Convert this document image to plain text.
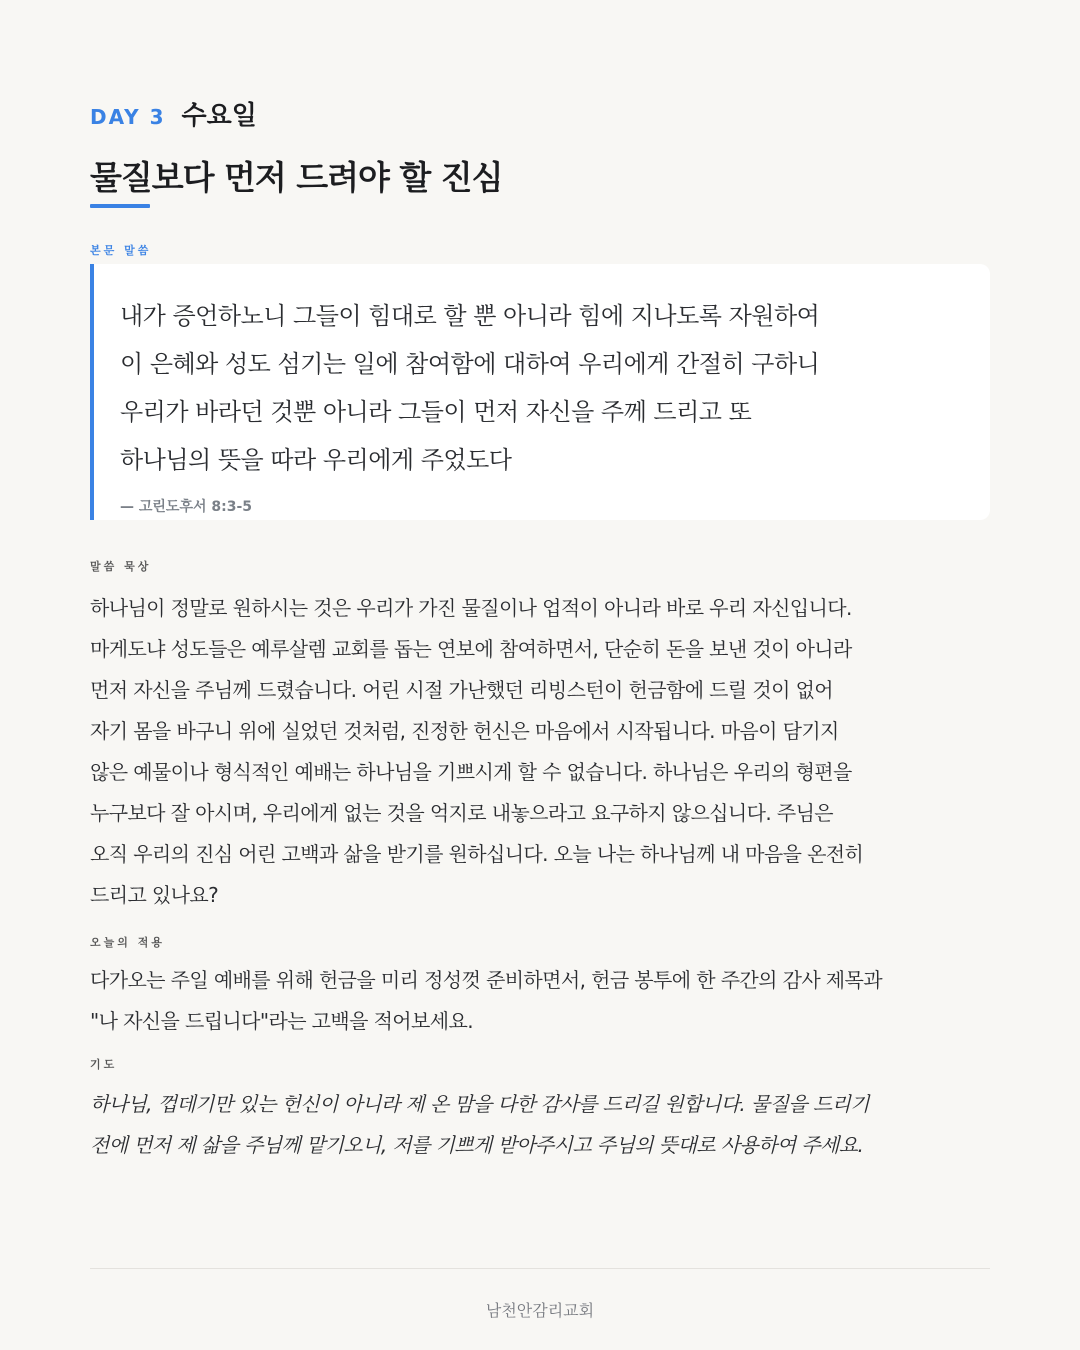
DAY 3 수요일
물질보다 먼저 드려야 할 진심
본문 말씀

내가 증언하노니 그들이 힘대로 할 뿐 아니라 힘에 지나도록 자원하여
이 은혜와 성도 섬기는 일에 참여함에 대하여 우리에게 간절히 구하니
우리가 바라던 것뿐 아니라 그들이 먼저 자신을 주께 드리고 또
하나님의 뜻을 따라 우리에게 주었도다

— 고린도후서 8:3-5

말씀 묵상

하나님이 정말로 원하시는 것은 우리가 가진 물질이나 업적이 아니라 바로 우리 자신입니다.
마게도냐 성도들은 예루살렘 교회를 돕는 연보에 참여하면서, 단순히 돈을 보낸 것이 아니라
먼저 자신을 주님께 드렸습니다. 어린 시절 가난했던 리빙스턴이 헌금함에 드릴 것이 없어
자기 몸을 바구니 위에 실었던 것처럼, 진정한 헌신은 마음에서 시작됩니다. 마음이 담기지
않은 예물이나 형식적인 예배는 하나님을 기쁘시게 할 수 없습니다. 하나님은 우리의 형편을
누구보다 잘 아시며, 우리에게 없는 것을 억지로 내놓으라고 요구하지 않으십니다. 주님은
오직 우리의 진심 어린 고백과 삶을 받기를 원하십니다. 오늘 나는 하나님께 내 마음을 온전히
드리고 있나요?

오늘의 적용

다가오는 주일 예배를 위해 헌금을 미리 정성껏 준비하면서, 헌금 봉투에 한 주간의 감사 제목과
"나 자신을 드립니다"라는 고백을 적어보세요.

기도

하나님, 껍데기만 있는 헌신이 아니라 제 온 맘을 다한 감사를 드리길 원합니다. 물질을 드리기
전에 먼저 제 삶을 주님께 맡기오니, 저를 기쁘게 받아주시고 주님의 뜻대로 사용하여 주세요.

남천안감리교회
